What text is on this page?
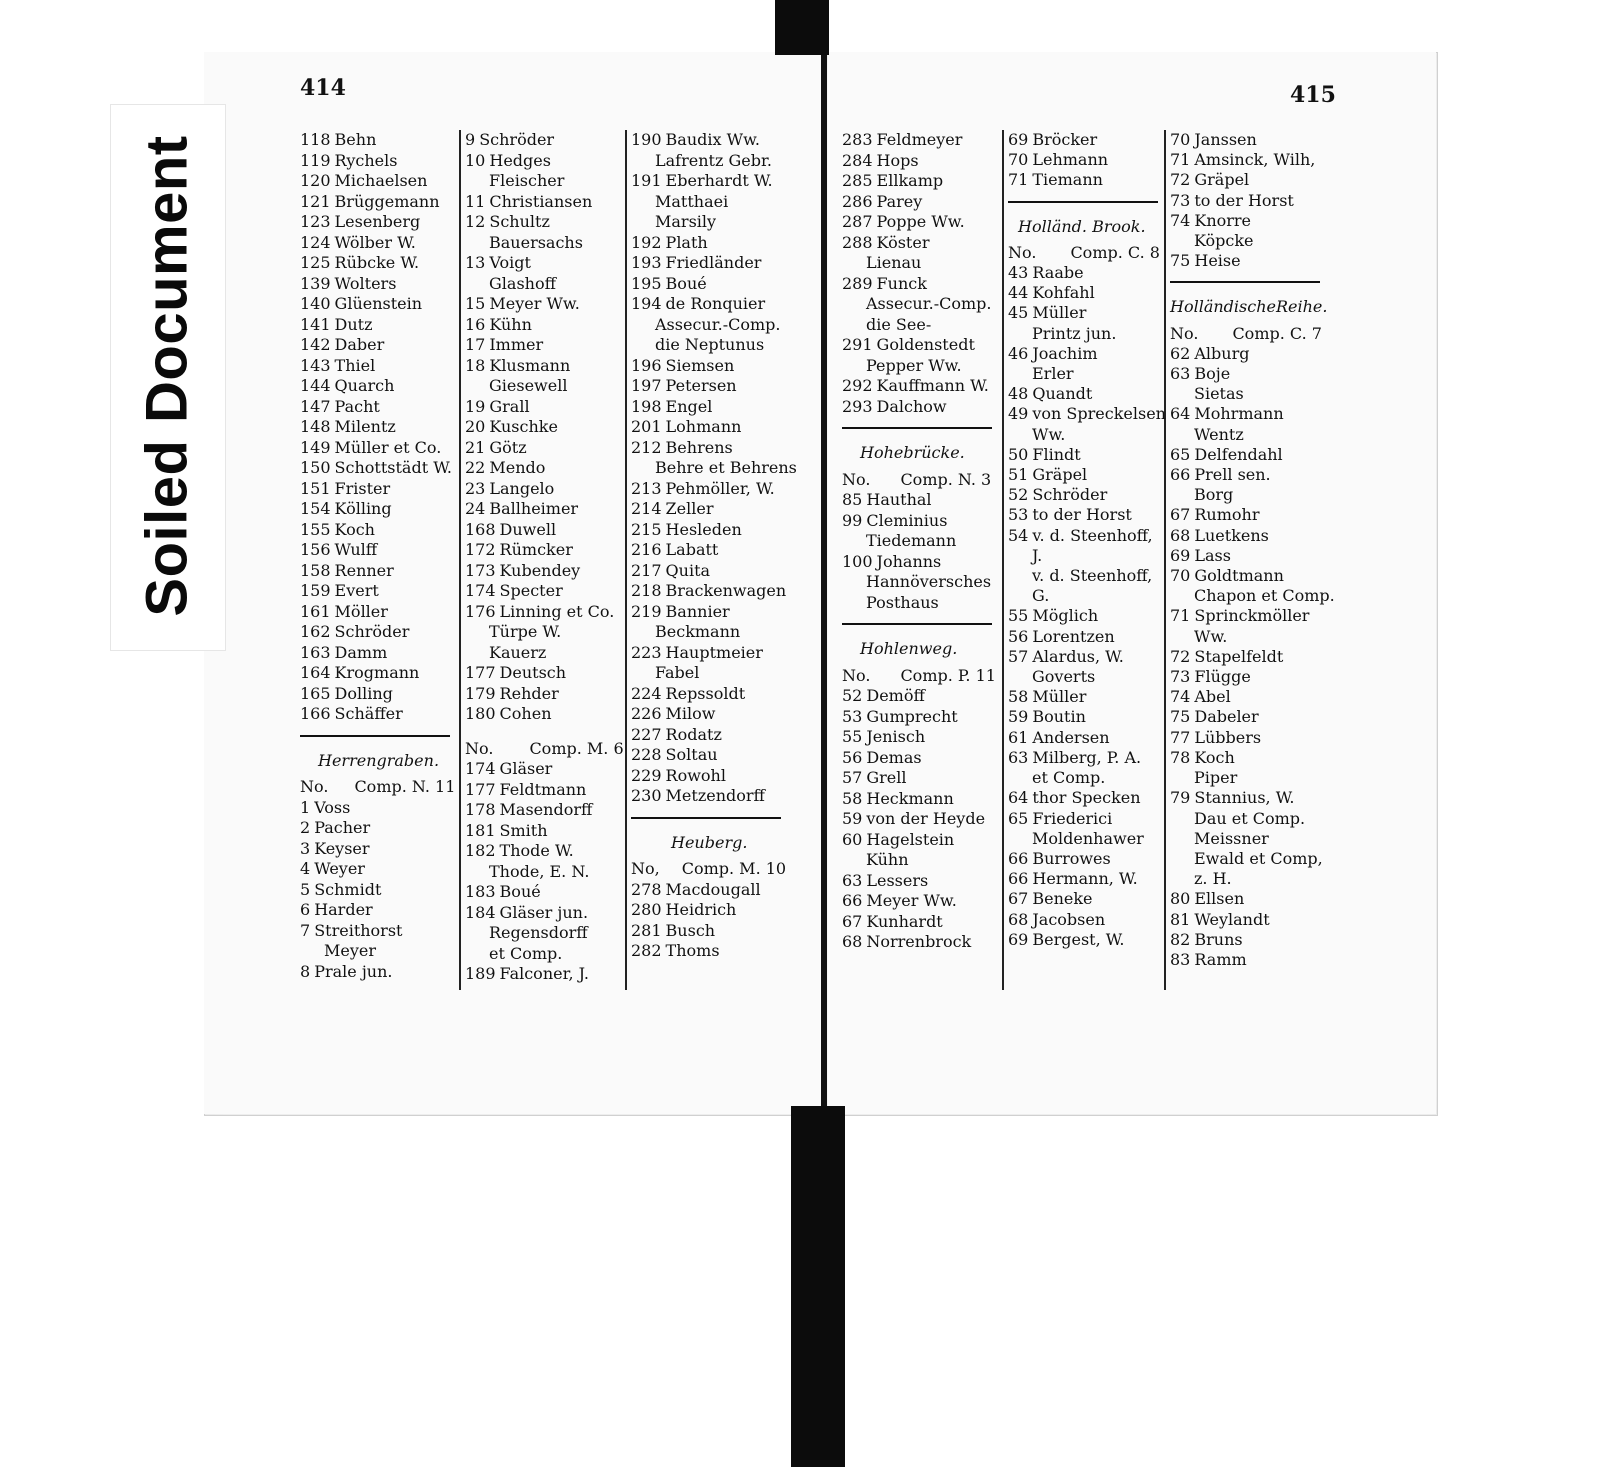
Soiled Document
414	415
118 Behn
119 Rychels
120 Michaelsen
121 Brüggemann
123 Lesenberg
124 Wölber W.
125 Rübcke W.
139 Wolters
140 Glüenstein
141 Dutz
142 Daber
143 Thiel
144 Quarch
147 Pacht
148 Milentz
149 Müller et Co.
150 Schottstädt W.
151 Frister
154 Kölling
155 Koch
156 Wulff
158 Renner
159 Evert
161 Möller
162 Schröder
163 Damm
164 Krogmann
165 Dolling
166 Schäffer
Herrengraben.
No. Comp. N. 11
1 Voss
2 Pacher
3 Keyser
4 Weyer
5 Schmidt
6 Harder
7 Streithorst
Meyer
8 Prale jun.
9 Schröder
10 Hedges
Fleischer
11 Christiansen
12 Schultz
Bauersachs
13 Voigt
Glashoff
15 Meyer Ww.
16 Kühn
17 Immer
18 Klusmann
Giesewell
19 Grall
20 Kuschke
21 Götz
22 Mendo
23 Langelo
24 Ballheimer
168 Duwell
172 Rümcker
173 Kubendey
174 Specter
176 Linning et Co.
Türpe W.
Kauerz
177 Deutsch
179 Rehder
180 Cohen
No. Comp. M. 6
174 Gläser
177 Feldtmann
178 Masendorff
181 Smith
182 Thode W.
Thode, E. N.
183 Boué
184 Gläser jun.
Regensdorff
et Comp.
189 Falconer, J.
190 Baudix Ww.
Lafrentz Gebr.
191 Eberhardt W.
Matthaei
Marsily
192 Plath
193 Friedländer
195 Boué
194 de Ronquier
Assecur.-Comp.
die Neptunus
196 Siemsen
197 Petersen
198 Engel
201 Lohmann
212 Behrens
Behre et Behrens
213 Pehmöller, W.
214 Zeller
215 Hesleden
216 Labatt
217 Quita
218 Brackenwagen
219 Bannier
Beckmann
223 Hauptmeier
Fabel
224 Repssoldt
226 Milow
227 Rodatz
228 Soltau
229 Rowohl
230 Metzendorff
Heuberg.
No, Comp. M. 10
278 Macdougall
280 Heidrich
281 Busch
282 Thoms
283 Feldmeyer
284 Hops
285 Ellkamp
286 Parey
287 Poppe Ww.
288 Köster
Lienau
289 Funck
Assecur.-Comp.
die See-
291 Goldenstedt
Pepper Ww.
292 Kauffmann W.
293 Dalchow
Hohebrücke.
No. Comp. N. 3
85 Hauthal
99 Cleminius
Tiedemann
100 Johanns
Hannöversches
Posthaus
Hohlenweg.
No. Comp. P. 11
52 Demöff
53 Gumprecht
55 Jenisch
56 Demas
57 Grell
58 Heckmann
59 von der Heyde
60 Hagelstein
Kühn
63 Lessers
66 Meyer Ww.
67 Kunhardt
68 Norrenbrock
69 Bröcker
70 Lehmann
71 Tiemann
Holländ. Brook.
No. Comp. C. 8
43 Raabe
44 Kohfahl
45 Müller
Printz jun.
46 Joachim
Erler
48 Quandt
49 von Spreckelsen
Ww.
50 Flindt
51 Gräpel
52 Schröder
53 to der Horst
54 v. d. Steenhoff,
J.
v. d. Steenhoff,
G.
55 Möglich
56 Lorentzen
57 Alardus, W.
Goverts
58 Müller
59 Boutin
61 Andersen
63 Milberg, P. A.
et Comp.
64 thor Specken
65 Friederici
Moldenhawer
66 Burrowes
66 Hermann, W.
67 Beneke
68 Jacobsen
69 Bergest, W.
70 Janssen
71 Amsinck, Wilh,
72 Gräpel
73 to der Horst
74 Knorre
Köpcke
75 Heise
HolländischeReihe.
No. Comp. C. 7
62 Alburg
63 Boje
Sietas
64 Mohrmann
Wentz
65 Delfendahl
66 Prell sen.
Borg
67 Rumohr
68 Luetkens
69 Lass
70 Goldtmann
Chapon et Comp.
71 Sprinckmöller
Ww.
72 Stapelfeldt
73 Flügge
74 Abel
75 Dabeler
77 Lübbers
78 Koch
Piper
79 Stannius, W.
Dau et Comp.
Meissner
Ewald et Comp,
z. H.
80 Ellsen
81 Weylandt
82 Bruns
83 Ramm
